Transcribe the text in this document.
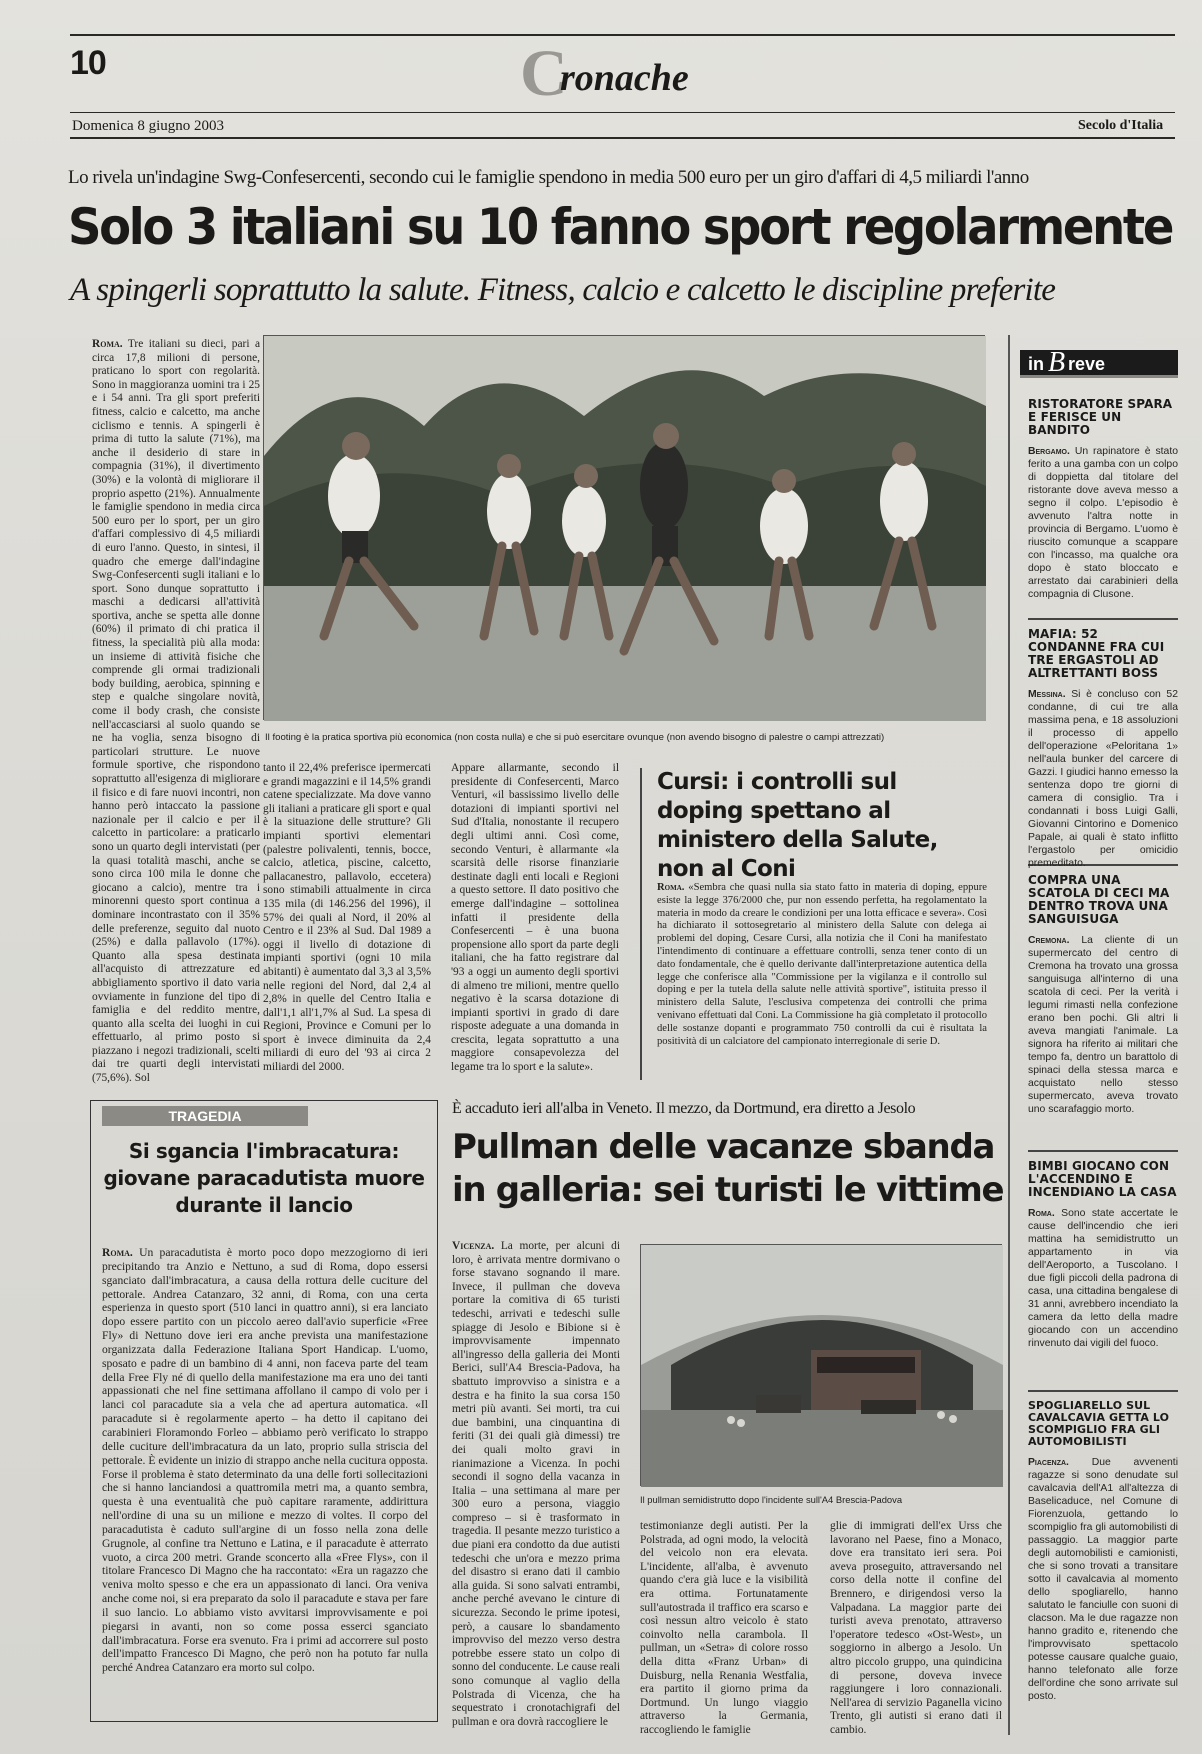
10	C
ronache
Domenica 8 giugno 2003	Secolo d'Italia
Lo rivela un'indagine Swg-Confesercenti, secondo cui le famiglie spendono in media 500 euro per un giro d'affari di 4,5 miliardi l'anno
Solo 3 italiani su 10 fanno sport regolarmente
A spingerli soprattutto la salute. Fitness, calcio e calcetto le discipline preferite
Roma. Tre italiani su dieci, pari a circa 17,8 milioni di persone, praticano lo sport con regolarità. Sono in maggioranza uomini tra i 25 e i 54 anni. Tra gli sport preferiti fitness, calcio e calcetto, ma anche ciclismo e tennis. A spingerli è prima di tutto la salute (71%), ma anche il desiderio di stare in compagnia (31%), il divertimento (30%) e la volontà di migliorare il proprio aspetto (21%). Annualmente le famiglie spendono in media circa 500 euro per lo sport, per un giro d'affari complessivo di 4,5 miliardi di euro l'anno. Questo, in sintesi, il quadro che emerge dall'indagine Swg-Confesercenti sugli italiani e lo sport. Sono dunque soprattutto i maschi a dedicarsi all'attività sportiva, anche se spetta alle donne (60%) il primato di chi pratica il fitness, la specialità più alla moda: un insieme di attività fisiche che comprende gli ormai tradizionali body building, aerobica, spinning e step e qualche singolare novità, come il body crash, che consiste nell'accasciarsi al suolo quando se ne ha voglia, senza bisogno di particolari strutture. Le nuove formule sportive, che rispondono soprattutto all'esigenza di migliorare il fisico e di fare nuovi incontri, non hanno però intaccato la passione nazionale per il calcio e per il calcetto in particolare: a praticarlo sono un quarto degli intervistati (per la quasi totalità maschi, anche se sono circa 100 mila le donne che giocano a calcio), mentre tra i minorenni questo sport continua a dominare incontrastato con il 35% delle preferenze, seguito dal nuoto (25%) e dalla pallavolo (17%). Quanto alla spesa destinata all'acquisto di attrezzature ed abbigliamento sportivo il dato varia ovviamente in funzione del tipo di famiglia e del reddito mentre, quanto alla scelta dei luoghi in cui effettuarlo, al primo posto si piazzano i negozi tradizionali, scelti dai tre quarti degli intervistati (75,6%). Sol
Il footing è la pratica sportiva più economica (non costa nulla) e che si può esercitare ovunque (non avendo bisogno di palestre o campi attrezzati)
tanto il 22,4% preferisce ipermercati e grandi magazzini e il 14,5% grandi catene specializzate. Ma dove vanno gli italiani a praticare gli sport e qual è la situazione delle strutture? Gli impianti sportivi elementari (palestre polivalenti, tennis, bocce, calcio, atletica, piscine, calcetto, pallacanestro, pallavolo, eccetera) sono stimabili attualmente in circa 135 mila (di 146.256 del 1996), il 57% dei quali al Nord, il 20% al Centro e il 23% al Sud. Dal 1989 a oggi il livello di dotazione di impianti sportivi (ogni 10 mila abitanti) è aumentato dal 3,3 al 3,5% nelle regioni del Nord, dal 2,4 al 2,8% in quelle del Centro Italia e dall'1,1 all'1,7% al Sud. La spesa di Regioni, Province e Comuni per lo sport è invece diminuita da 2,4 miliardi di euro del '93 ai circa 2 miliardi del 2000.
Appare allarmante, secondo il presidente di Confesercenti, Marco Venturi, «il bassissimo livello delle dotazioni di impianti sportivi nel Sud d'Italia, nonostante il recupero degli ultimi anni. Così come, secondo Venturi, è allarmante «la scarsità delle risorse finanziarie destinate dagli enti locali e Regioni a questo settore. Il dato positivo che emerge dall'indagine – sottolinea infatti il presidente della Confesercenti – è una buona propensione allo sport da parte degli italiani, che ha fatto registrare dal '93 a oggi un aumento degli sportivi di almeno tre milioni, mentre quello negativo è la scarsa dotazione di impianti sportivi in grado di dare risposte adeguate a una domanda in crescita, legata soprattutto a una maggiore consapevolezza del legame tra lo sport e la salute».
Cursi: i controlli sul doping spettano al ministero della Salute, non al Coni
Roma. «Sembra che quasi nulla sia stato fatto in materia di doping, eppure esiste la legge 376/2000 che, pur non essendo perfetta, ha regolamentato la materia in modo da creare le condizioni per una lotta efficace e severa». Così ha dichiarato il sottosegretario al ministero della Salute con delega ai problemi del doping, Cesare Cursi, alla notizia che il Coni ha manifestato l'intendimento di continuare a effettuare controlli, senza tener conto di un dato fondamentale, che è quello derivante dall'interpretazione autentica della legge che conferisce alla "Commissione per la vigilanza e il controllo sul doping e per la tutela della salute nelle attività sportive", istituita presso il ministero della Salute, l'esclusiva competenza dei controlli che prima venivano effettuati dal Coni. La Commissione ha già completato il protocollo delle sostanze dopanti e programmato 750 controlli da cui è risultata la positività di un calciatore del campionato interregionale di serie D.
in B reve
RISTORATORE SPARA E FERISCE UN BANDITO
Bergamo. Un rapinatore è stato ferito a una gamba con un colpo di doppietta dal titolare del ristorante dove aveva messo a segno il colpo. L'episodio è avvenuto l'altra notte in provincia di Bergamo. L'uomo è riuscito comunque a scappare con l'incasso, ma qualche ora dopo è stato bloccato e arrestato dai carabinieri della compagnia di Clusone.
MAFIA: 52 CONDANNE FRA CUI TRE ERGASTOLI AD ALTRETTANTI BOSS
Messina. Si è concluso con 52 condanne, di cui tre alla massima pena, e 18 assoluzioni il processo di appello dell'operazione «Peloritana 1» nell'aula bunker del carcere di Gazzi. I giudici hanno emesso la sentenza dopo tre giorni di camera di consiglio. Tra i condannati i boss Luigi Galli, Giovanni Cintorino e Domenico Papale, ai quali è stato inflitto l'ergastolo per omicidio premeditato.
COMPRA UNA SCATOLA DI CECI MA DENTRO TROVA UNA SANGUISUGA
Cremona. La cliente di un supermercato del centro di Cremona ha trovato una grossa sanguisuga all'interno di una scatola di ceci. Per la verità i legumi rimasti nella confezione erano ben pochi. Gli altri li aveva mangiati l'animale. La signora ha riferito ai militari che tempo fa, dentro un barattolo di spinaci della stessa marca e acquistato nello stesso supermercato, aveva trovato uno scarafaggio morto.
BIMBI GIOCANO CON L'ACCENDINO E INCENDIANO LA CASA
Roma. Sono state accertate le cause dell'incendio che ieri mattina ha semidistrutto un appartamento in via dell'Aeroporto, a Tuscolano. I due figli piccoli della padrona di casa, una cittadina bengalese di 31 anni, avrebbero incendiato la camera da letto della madre giocando con un accendino rinvenuto dai vigili del fuoco.
SPOGLIARELLO SUL CAVALCAVIA GETTA LO SCOMPIGLIO FRA GLI AUTOMOBILISTI
Piacenza. Due avvenenti ragazze si sono denudate sul cavalcavia dell'A1 all'altezza di Baselicaduce, nel Comune di Fiorenzuola, gettando lo scompiglio fra gli automobilisti di passaggio. La maggior parte degli automobilisti e camionisti, che si sono trovati a transitare sotto il cavalcavia al momento dello spogliarello, hanno salutato le fanciulle con suoni di clacson. Ma le due ragazze non hanno gradito e, ritenendo che l'improvvisato spettacolo potesse causare qualche guaio, hanno telefonato alle forze dell'ordine che sono arrivate sul posto.
TRAGEDIA
Si sgancia l'imbracatura: giovane paracadutista muore durante il lancio
Roma. Un paracadutista è morto poco dopo mezzogiorno di ieri precipitando tra Anzio e Nettuno, a sud di Roma, dopo essersi sganciato dall'imbracatura, a causa della rottura delle cuciture del pettorale. Andrea Catanzaro, 32 anni, di Roma, con una certa esperienza in questo sport (510 lanci in quattro anni), si era lanciato dopo essere partito con un piccolo aereo dall'avio superficie «Free Fly» di Nettuno dove ieri era anche prevista una manifestazione organizzata dalla Federazione Italiana Sport Handicap. L'uomo, sposato e padre di un bambino di 4 anni, non faceva parte del team della Free Fly né di quello della manifestazione ma era uno dei tanti appassionati che nel fine settimana affollano il campo di volo per i lanci col paracadute sia a vela che ad apertura automatica. «Il paracadute si è regolarmente aperto – ha detto il capitano dei carabinieri Floramondo Forleo – abbiamo però verificato lo strappo delle cuciture dell'imbracatura da un lato, proprio sulla striscia del pettorale. È evidente un inizio di strappo anche nella cucitura opposta. Forse il problema è stato determinato da una delle forti sollecitazioni che si hanno lanciandosi a quattromila metri ma, a quanto sembra, questa è una eventualità che può capitare raramente, addirittura nell'ordine di una su un milione e mezzo di voltes. Il corpo del paracadutista è caduto sull'argine di un fosso nella zona delle Grugnole, al confine tra Nettuno e Latina, e il paracadute è atterrato vuoto, a circa 200 metri. Grande sconcerto alla «Free Flys», con il titolare Francesco Di Magno che ha raccontato: «Era un ragazzo che veniva molto spesso e che era un appassionato di lanci. Ora veniva anche come noi, si era preparato da solo il paracadute e stava per fare il suo lancio. Lo abbiamo visto avvitarsi improvvisamente e poi piegarsi in avanti, non so come possa esserci sganciato dall'imbracatura. Forse era svenuto. Fra i primi ad accorrere sul posto dell'impatto Francesco Di Magno, che però non ha potuto far nulla perché Andrea Catanzaro era morto sul colpo.
È accaduto ieri all'alba in Veneto. Il mezzo, da Dortmund, era diretto a Jesolo
Pullman delle vacanze sbanda in galleria: sei turisti le vittime
Vicenza. La morte, per alcuni di loro, è arrivata mentre dormivano o forse stavano sognando il mare. Invece, il pullman che doveva portare la comitiva di 65 turisti tedeschi, arrivati e tedeschi sulle spiagge di Jesolo e Bibione si è improvvisamente impennato all'ingresso della galleria dei Monti Berici, sull'A4 Brescia-Padova, ha sbattuto improvviso a sinistra e a destra e ha finito la sua corsa 150 metri più avanti. Sei morti, tra cui due bambini, una cinquantina di feriti (31 dei quali già dimessi) tre dei quali molto gravi in rianimazione a Vicenza. In pochi secondi il sogno della vacanza in Italia – una settimana al mare per 300 euro a persona, viaggio compreso – si è trasformato in tragedia. Il pesante mezzo turistico a due piani era condotto da due autisti tedeschi che un'ora e mezzo prima del disastro si erano dati il cambio alla guida. Si sono salvati entrambi, anche perché avevano le cinture di sicurezza. Secondo le prime ipotesi, però, a causare lo sbandamento improvviso del mezzo verso destra potrebbe essere stato un colpo di sonno del conducente. Le cause reali sono comunque al vaglio della Polstrada di Vicenza, che ha sequestrato i cronotachigrafi del pullman e ora dovrà raccogliere le
Il pullman semidistrutto dopo l'incidente sull'A4 Brescia-Padova
testimonianze degli autisti. Per la Polstrada, ad ogni modo, la velocità del veicolo non era elevata. L'incidente, all'alba, è avvenuto quando c'era già luce e la visibilità era ottima. Fortunatamente sull'autostrada il traffico era scarso e così nessun altro veicolo è stato coinvolto nella carambola. Il pullman, un «Setra» di colore rosso della ditta «Franz Urban» di Duisburg, nella Renania Westfalia, era partito il giorno prima da Dortmund. Un lungo viaggio attraverso la Germania, raccogliendo le famiglie
glie di immigrati dell'ex Urss che lavorano nel Paese, fino a Monaco, dove era transitato ieri sera. Poi aveva proseguito, attraversando nel corso della notte il confine del Brennero, e dirigendosi verso la Valpadana. La maggior parte dei turisti aveva prenotato, attraverso l'operatore tedesco «Ost-West», un soggiorno in albergo a Jesolo. Un altro piccolo gruppo, una quindicina di persone, doveva invece raggiungere i loro connazionali. Nell'area di servizio Paganella vicino Trento, gli autisti si erano dati il cambio.
